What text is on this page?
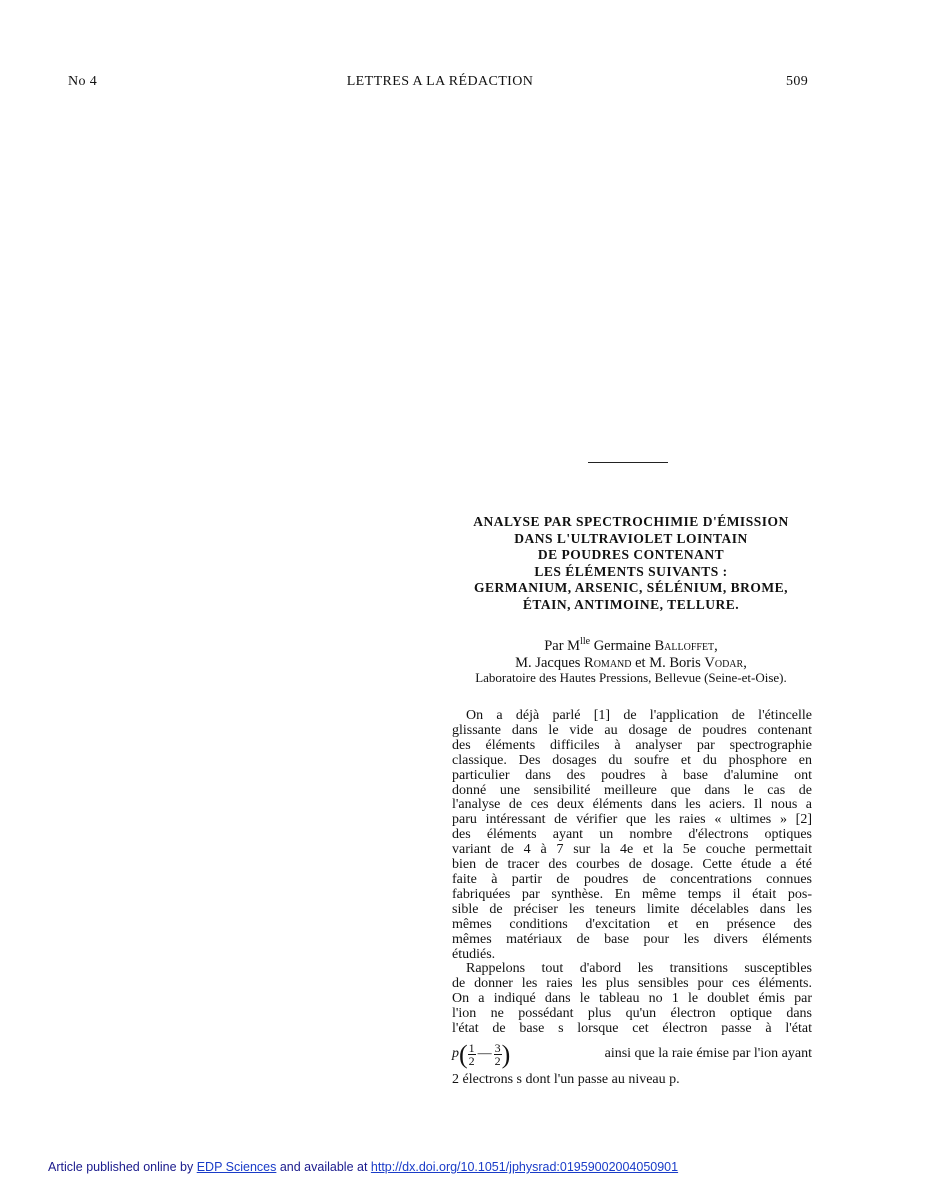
No 4	LETTRES A LA RÉDACTION	509
ANALYSE PAR SPECTROCHIMIE D'ÉMISSION
DANS L'ULTRAVIOLET LOINTAIN
DE POUDRES CONTENANT
LES ÉLÉMENTS SUIVANTS :
GERMANIUM, ARSENIC, SÉLÉNIUM, BROME,
ÉTAIN, ANTIMOINE, TELLURE.
Par $M^{lle}$ Germaine Balloffet,
M. Jacques Romand et M. Boris Vodar,
Laboratoire des Hautes Pressions, Bellevue (Seine-et-Oise).
On a déjà parlé [1] de l'application de l'étincelle
glissante dans le vide au dosage de poudres contenant
des éléments difficiles à analyser par spectrographie
classique. Des dosages du soufre et du phosphore en
particulier dans des poudres à base d'alumine ont
donné une sensibilité meilleure que dans le cas de
l'analyse de ces deux éléments dans les aciers. Il nous a
paru intéressant de vérifier que les raies « ultimes » [2]
des éléments ayant un nombre d'électrons optiques
variant de 4 à 7 sur la 4e et la 5e couche permettait
bien de tracer des courbes de dosage. Cette étude a été
faite à partir de poudres de concentrations connues
fabriquées par synthèse. En même temps il était pos-
sible de préciser les teneurs limite décelables dans les
mêmes conditions d'excitation et en présence des
mêmes matériaux de base pour les divers éléments
étudiés.
Rappelons tout d'abord les transitions susceptibles
de donner les raies les plus sensibles pour ces éléments.
On a indiqué dans le tableau no 1 le doublet émis par
l'ion ne possédant plus qu'un électron optique dans
l'état de base s lorsque cet électron passe à l'état
p ( $\frac{1}{2}$ — $\frac{3}{2}$ )	ainsi que la raie émise par l'ion ayant
2 électrons s dont l'un passe au niveau p.
Article published online by EDP Sciences and available at http://dx.doi.org/10.1051/jphysrad:01959002004050901
